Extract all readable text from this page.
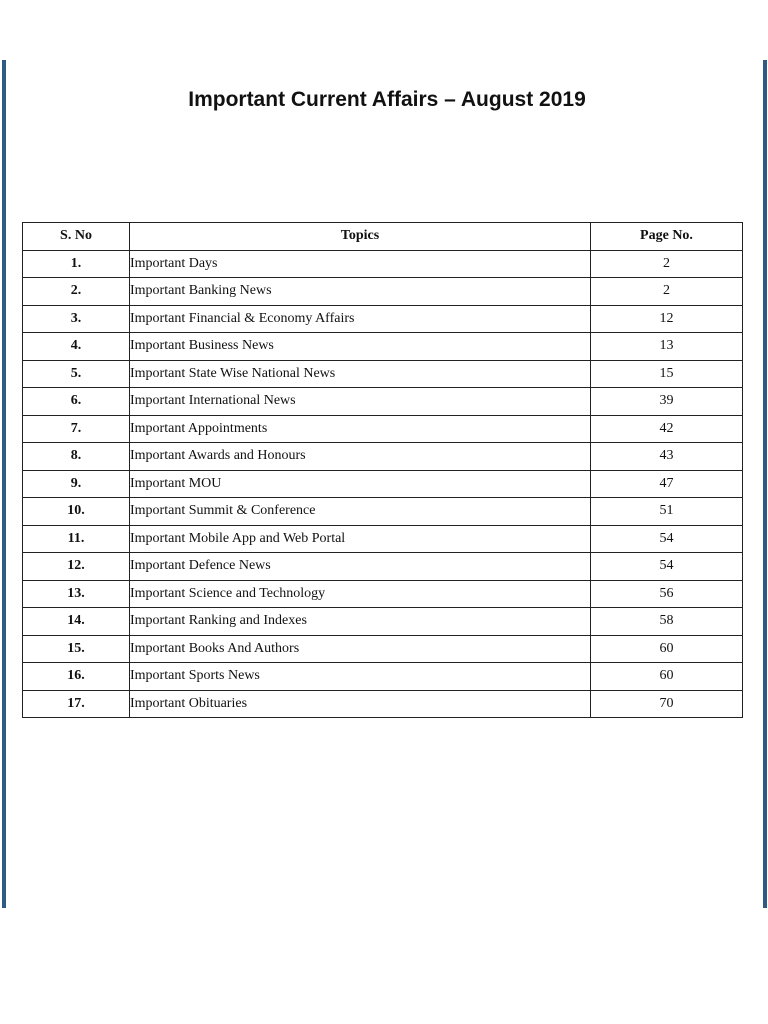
Important Current Affairs – August 2019
S. No	Topics	Page No.
1.	Important Days	2
2.	Important Banking News	2
3.	Important Financial & Economy Affairs	12
4.	Important Business News	13
5.	Important State Wise National News	15
6.	Important International News	39
7.	Important Appointments	42
8.	Important Awards and Honours	43
9.	Important MOU	47
10.	Important Summit & Conference	51
11.	Important Mobile App and Web Portal	54
12.	Important Defence News	54
13.	Important Science and Technology	56
14.	Important Ranking and Indexes	58
15.	Important Books And Authors	60
16.	Important Sports News	60
17.	Important Obituaries	70
